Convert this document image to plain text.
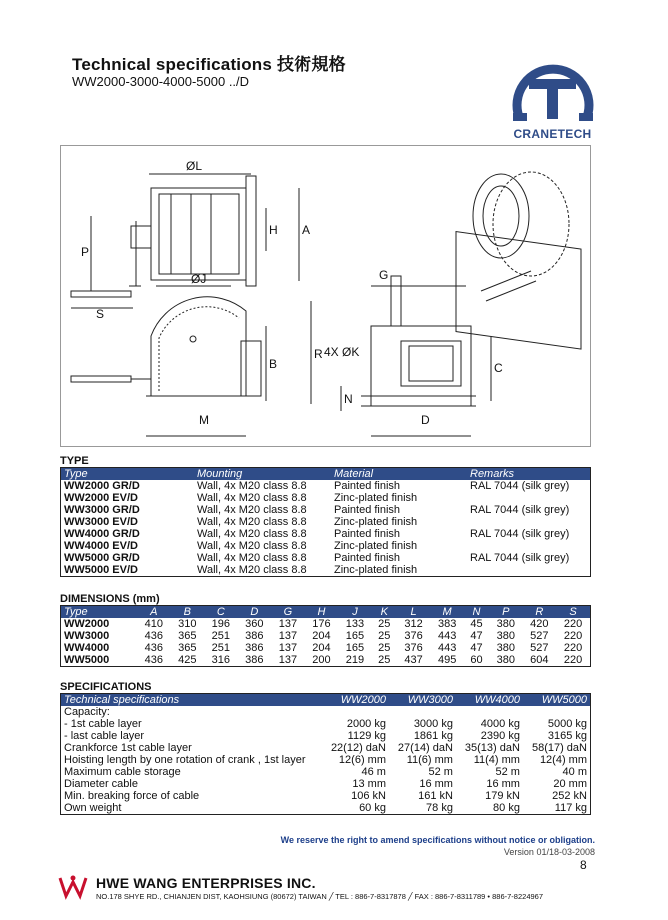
Technical specifications 技術規格
WW2000-3000-4000-5000 ../D
CRANETECH
ØL
H A
P
ØJ
S
B
M
G
R 4X ØK
C
N
D
TYPE
Type	Mounting	Material	Remarks
WW2000 GR/D	Wall, 4x M20 class 8.8	Painted finish	RAL 7044 (silk grey)
WW2000 EV/D	Wall, 4x M20 class 8.8	Zinc-plated finish	
WW3000 GR/D	Wall, 4x M20 class 8.8	Painted finish	RAL 7044 (silk grey)
WW3000 EV/D	Wall, 4x M20 class 8.8	Zinc-plated finish	
WW4000 GR/D	Wall, 4x M20 class 8.8	Painted finish	RAL 7044 (silk grey)
WW4000 EV/D	Wall, 4x M20 class 8.8	Zinc-plated finish	
WW5000 GR/D	Wall, 4x M20 class 8.8	Painted finish	RAL 7044 (silk grey)
WW5000 EV/D	Wall, 4x M20 class 8.8	Zinc-plated finish	
DIMENSIONS (mm)
Type	A	B	C	D	G	H	J	K	L	M	N	P	R	S
WW2000	410	310	196	360	137	176	133	25	312	383	45	380	420	220
WW3000	436	365	251	386	137	204	165	25	376	443	47	380	527	220
WW4000	436	365	251	386	137	204	165	25	376	443	47	380	527	220
WW5000	436	425	316	386	137	200	219	25	437	495	60	380	604	220
SPECIFICATIONS
Technical specifications	WW2000	WW3000	WW4000	WW5000
Capacity:				
- 1st cable layer	2000 kg	3000 kg	4000 kg	5000 kg
- last cable layer	1129 kg	1861 kg	2390 kg	3165 kg
Crankforce 1st cable layer	22(12) daN	27(14) daN	35(13) daN	58(17) daN
Hoisting length by one rotation of crank , 1st layer	12(6) mm	11(6) mm	11(4) mm	12(4) mm
Maximum cable storage	46 m	52 m	52 m	40 m
Diameter cable	13 mm	16 mm	16 mm	20 mm
Min. breaking force of cable	106 kN	161 kN	179 kN	252 kN
Own weight	60 kg	78 kg	80 kg	117 kg
We reserve the right to amend specifications without notice or obligation.
Version 01/18-03-2008
8
HWE WANG ENTERPRISES INC.
NO.178 SHYE RD., CHIANJEN DIST, KAOHSIUNG (80672) TAIWAN ╱ TEL : 886-7-8317878 ╱ FAX : 886-7-8311789 • 886-7-8224967
